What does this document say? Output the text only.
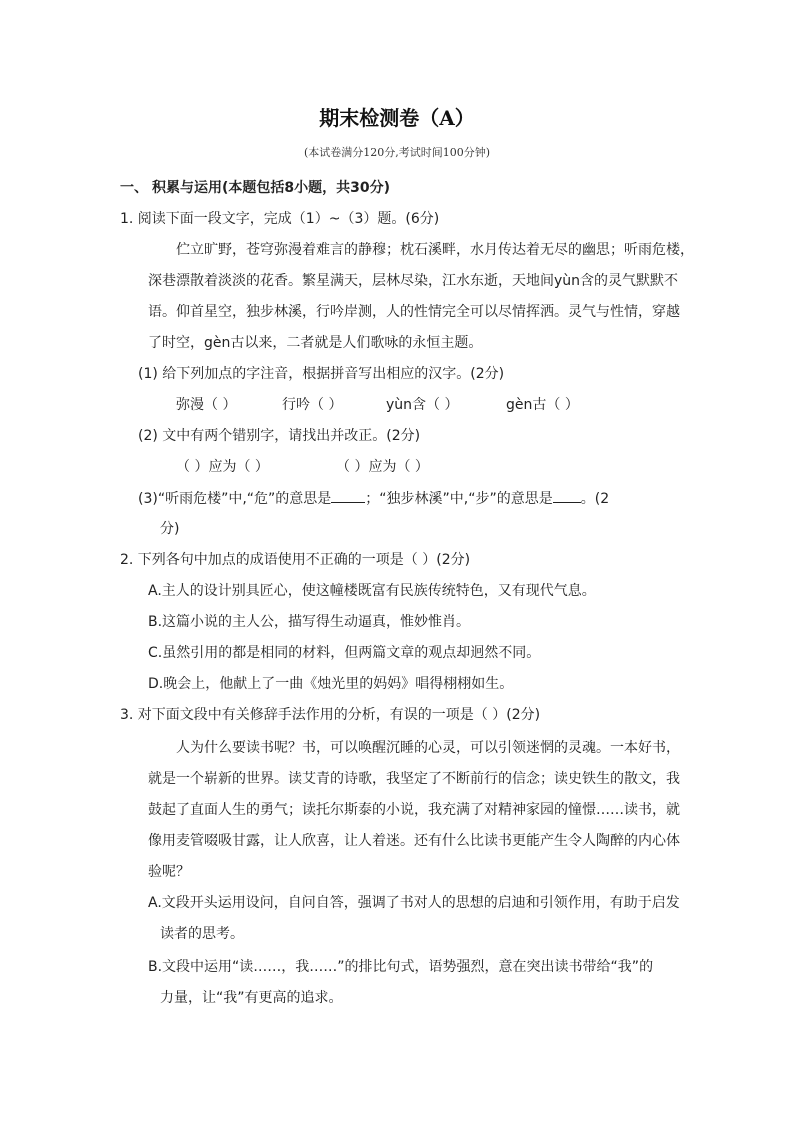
期末检测卷（A）
(本试卷满分120分,考试时间100分钟)
一、 积累与运用(本题包括8小题，共30分)
1. 阅读下面一段文字，完成（1）~（3）题。(6分)
伫立旷野，苍穹弥漫着难言的静穆；枕石溪畔，水月传达着无尽的幽思；听雨危楼，
深巷漂散着淡淡的花香。繁星满天，层林尽染，江水东逝，天地间yùn含的灵气默默不
语。仰首星空，独步林溪，行吟岸测，人的性情完全可以尽情挥洒。灵气与性情，穿越
了时空，gèn古以来，二者就是人们歌咏的永恒主题。
(1) 给下列加点的字注音，根据拼音写出相应的汉字。(2分)
弥漫（ ）	行吟（ ）	yùn含（ ）	gèn古（ ）
(2) 文中有两个错别字，请找出并改正。(2分)
（ ）应为（ ）	（ ）应为（ ）
(3)“听雨危楼”中,“危”的意思是 ；“独步林溪”中,“步”的意思是 。(2
分)
2. 下列各句中加点的成语使用不正确的一项是（ ）(2分)
A.主人的设计别具匠心，使这幢楼既富有民族传统特色，又有现代气息。
B.这篇小说的主人公，描写得生动逼真，惟妙惟肖。
C.虽然引用的都是相同的材料，但两篇文章的观点却迥然不同。
D.晚会上，他献上了一曲《烛光里的妈妈》唱得栩栩如生。
3. 对下面文段中有关修辞手法作用的分析，有误的一项是（ ）(2分)
人为什么要读书呢？书，可以唤醒沉睡的心灵，可以引领迷惘的灵魂。一本好书，
就是一个崭新的世界。读艾青的诗歌，我坚定了不断前行的信念；读史铁生的散文，我
鼓起了直面人生的勇气；读托尔斯泰的小说，我充满了对精神家园的憧憬……读书，就
像用麦管啜吸甘露，让人欣喜，让人着迷。还有什么比读书更能产生令人陶醉的内心体
验呢？
A.文段开头运用设问，自问自答，强调了书对人的思想的启迪和引领作用，有助于启发
读者的思考。
B.文段中运用“读……，我……”的排比句式，语势强烈，意在突出读书带给“我”的
力量，让“我”有更高的追求。
